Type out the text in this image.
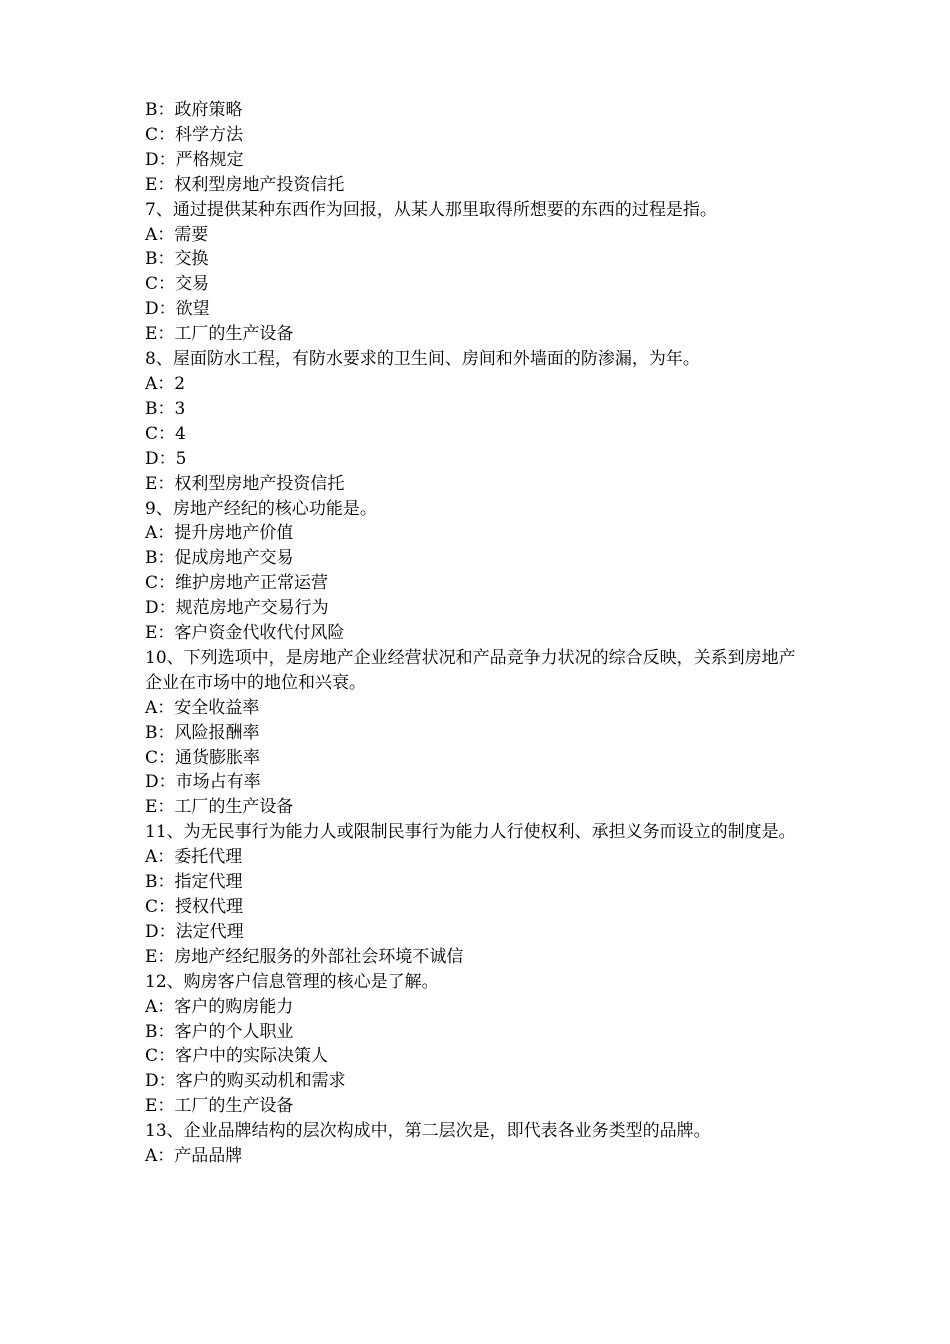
B：政府策略
C：科学方法
D：严格规定
E：权利型房地产投资信托
7、通过提供某种东西作为回报，从某人那里取得所想要的东西的过程是指。
A：需要
B：交换
C：交易
D：欲望
E：工厂的生产设备
8、屋面防水工程，有防水要求的卫生间、房间和外墙面的防渗漏，为年。
A：2
B：3
C：4
D：5
E：权利型房地产投资信托
9、房地产经纪的核心功能是。
A：提升房地产价值
B：促成房地产交易
C：维护房地产正常运营
D：规范房地产交易行为
E：客户资金代收代付风险
10、下列选项中，是房地产企业经营状况和产品竞争力状况的综合反映，关系到房地产企业在市场中的地位和兴衰。
A：安全收益率
B：风险报酬率
C：通货膨胀率
D：市场占有率
E：工厂的生产设备
11、为无民事行为能力人或限制民事行为能力人行使权利、承担义务而设立的制度是。
A：委托代理
B：指定代理
C：授权代理
D：法定代理
E：房地产经纪服务的外部社会环境不诚信
12、购房客户信息管理的核心是了解。
A：客户的购房能力
B：客户的个人职业
C：客户中的实际决策人
D：客户的购买动机和需求
E：工厂的生产设备
13、企业品牌结构的层次构成中，第二层次是，即代表各业务类型的品牌。
A：产品品牌
